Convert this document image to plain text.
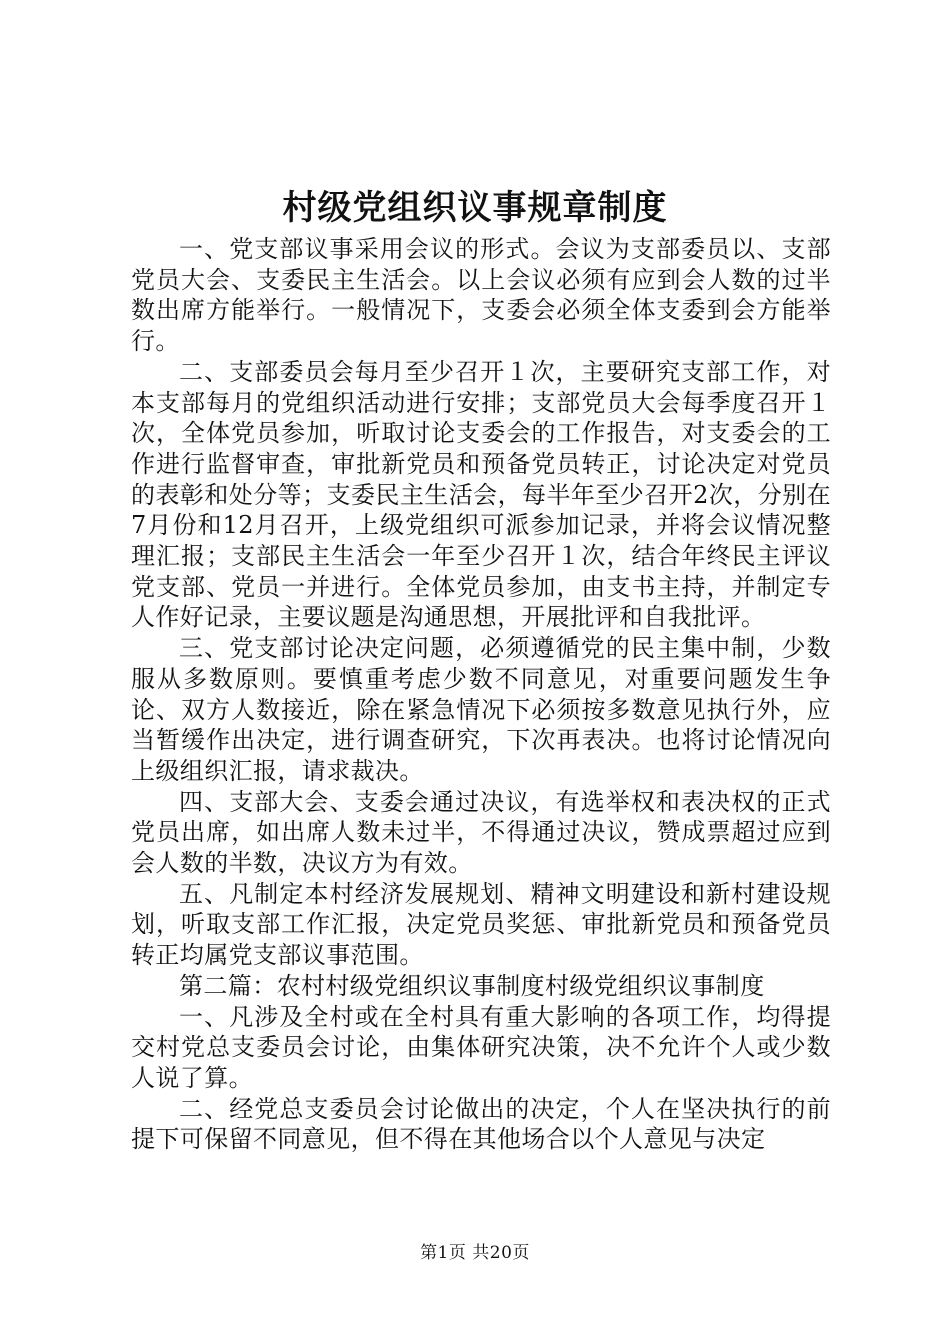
村级党组织议事规章制度

一、党支部议事采用会议的形式。会议为支部委员以、支部党员大会、支委民主生活会。以上会议必须有应到会人数的过半数出席方能举行。一般情况下，支委会必须全体支委到会方能举行。

二、支部委员会每月至少召开１次，主要研究支部工作，对本支部每月的党组织活动进行安排；支部党员大会每季度召开１次，全体党员参加，听取讨论支委会的工作报告，对支委会的工作进行监督审查，审批新党员和预备党员转正，讨论决定对党员的表彰和处分等；支委民主生活会，每半年至少召开2次，分别在7月份和12月召开，上级党组织可派参加记录，并将会议情况整理汇报；支部民主生活会一年至少召开１次，结合年终民主评议党支部、党员一并进行。全体党员参加，由支书主持，并制定专人作好记录，主要议题是沟通思想，开展批评和自我批评。

三、党支部讨论决定问题，必须遵循党的民主集中制，少数服从多数原则。要慎重考虑少数不同意见，对重要问题发生争论、双方人数接近，除在紧急情况下必须按多数意见执行外，应当暂缓作出决定，进行调查研究，下次再表决。也将讨论情况向上级组织汇报，请求裁决。

四、支部大会、支委会通过决议，有选举权和表决权的正式党员出席，如出席人数未过半，不得通过决议，赞成票超过应到会人数的半数，决议方为有效。

五、凡制定本村经济发展规划、精神文明建设和新村建设规划，听取支部工作汇报，决定党员奖惩、审批新党员和预备党员转正均属党支部议事范围。

第二篇：农村村级党组织议事制度村级党组织议事制度

一、凡涉及全村或在全村具有重大影响的各项工作，均得提交村党总支委员会讨论，由集体研究决策，决不允许个人或少数人说了算。

二、经党总支委员会讨论做出的决定，个人在坚决执行的前提下可保留不同意见，但不得在其他场合以个人意见与决定

第1页 共20页
